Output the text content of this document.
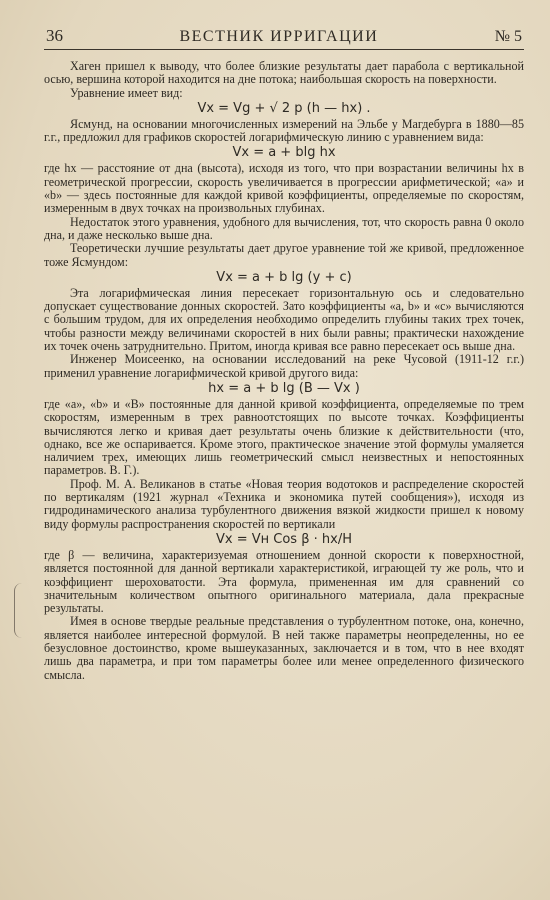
36	ВЕСТНИК ИРРИГАЦИИ	№ 5

Хаген пришел к выводу, что более близкие результаты дает парабола с вертикальной осью, вершина которой находится на дне потока; наибольшая скорость на поверхности.

Уравнение имеет вид:

Vx = Vg + √ 2 p (h — hx) .

Ясмунд, на основании многочисленных измерений на Эльбе у Магдебурга в 1880—85 г.г., предложил для графиков скоростей логарифмическую линию с уравнением вида:

Vx = a + blg hx

где hx — расстояние от дна (высота), исходя из того, что при возрастании величины hx в геометрической прогрессии, скорость увеличивается в прогрессии арифметической; «a» и «b» — здесь постоянные для каждой кривой коэффициенты, определяемые по скоростям, измеренным в двух точках на произвольных глубинах.

Недостаток этого уравнения, удобного для вычисления, тот, что скорость равна 0 около дна, и даже несколько выше дна.

Теоретически лучшие результаты дает другое уравнение той же кривой, предложенное тоже Ясмундом:

Vx = a + b lg (y + c)

Эта логарифмическая линия пересекает горизонтальную ось и следовательно допускает существование донных скоростей. Зато коэффициенты «a, b» и «c» вычисляются с большим трудом, для их определения необходимо определить глубины таких трех точек, чтобы разности между величинами скоростей в них были равны; практически нахождение их точек очень затруднительно. Притом, иногда кривая все равно пересекает ось выше дна.

Инженер Моисеенко, на основании исследований на реке Чусовой (1911-12 г.г.) применил уравнение логарифмической кривой другого вида:

hx = a + b lg (B — Vx )

где «a», «b» и «B» постоянные для данной кривой коэффициента, определяемые по трем скоростям, измеренным в трех равноотстоящих по высоте точках. Коэффициенты вычисляются легко и кривая дает результаты очень близкие к действительности (что, однако, все же оспаривается. Кроме этого, практическое значение этой формулы умаляется наличием трех, имеющих лишь геометрический смысл неизвестных и непостоянных параметров. В. Г.).

Проф. М. А. Великанов в статье «Новая теория водотоков и распределение скоростей по вертикалям (1921 журнал «Техника и экономика путей сообщения»), исходя из гидродинамического анализа турбулентного движения вязкой жидкости пришел к новому виду формулы распространения скоростей по вертикали

Vx = Vн Cos β · hx/H

где β — величина, характеризуемая отношением донной скорости к поверхностной, является постоянной для данной вертикали характеристикой, играющей ту же роль, что и коэффициент шероховатости. Эта формула, примененная им для сравнений со значительным количеством опытного оригинального материала, дала прекрасные результаты.

Имея в основе твердые реальные представления о турбулентном потоке, она, конечно, является наиболее интересной формулой. В ней также параметры неопределенны, но ее безусловное достоинство, кроме вышеуказанных, заключается и в том, что в нее входят лишь два параметра, и при том параметры более или менее определенного физического смысла.
